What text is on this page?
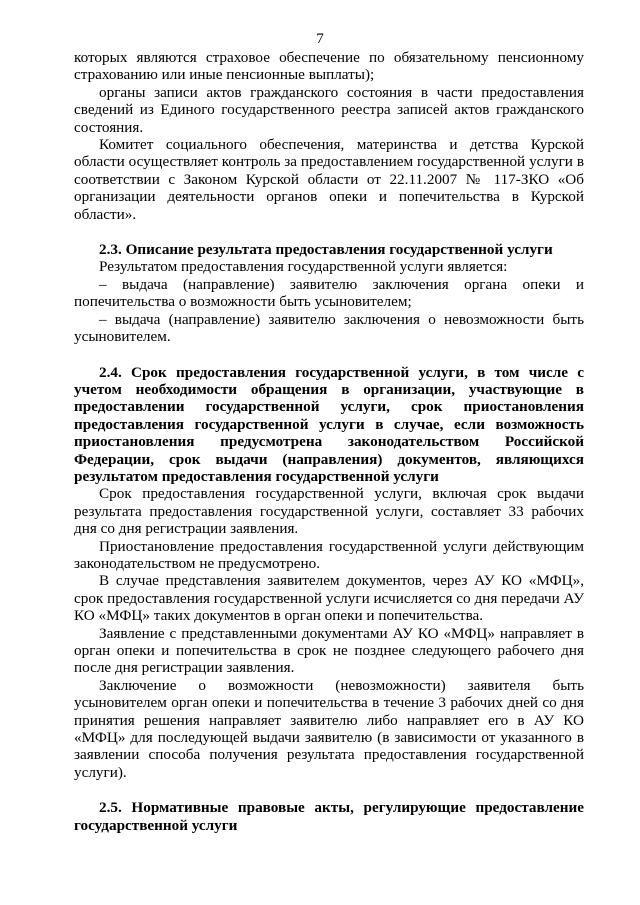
7

которых являются страховое обеспечение по обязательному пенсионному страхованию или иные пенсионные выплаты);

органы записи актов гражданского состояния в части предоставления сведений из Единого государственного реестра записей актов гражданского состояния.

Комитет социального обеспечения, материнства и детства Курской области осуществляет контроль за предоставлением государственной услуги в соответствии с Законом Курской области от 22.11.2007 № 117-ЗКО «Об организации деятельности органов опеки и попечительства в Курской области».

2.3. Описание результата предоставления государственной услуги

Результатом предоставления государственной услуги является:

– выдача (направление) заявителю заключения органа опеки и попечительства о возможности быть усыновителем;

– выдача (направление) заявителю заключения о невозможности быть усыновителем.

2.4. Срок предоставления государственной услуги, в том числе с учетом необходимости обращения в организации, участвующие в предоставлении государственной услуги, срок приостановления предоставления государственной услуги в случае, если возможность приостановления предусмотрена законодательством Российской Федерации, срок выдачи (направления) документов, являющихся результатом предоставления государственной услуги

Срок предоставления государственной услуги, включая срок выдачи результата предоставления государственной услуги, составляет 33 рабочих дня со дня регистрации заявления.

Приостановление предоставления государственной услуги действующим законодательством не предусмотрено.

В случае представления заявителем документов, через АУ КО «МФЦ», срок предоставления государственной услуги исчисляется со дня передачи АУ КО «МФЦ» таких документов в орган опеки и попечительства.

Заявление с представленными документами АУ КО «МФЦ» направляет в орган опеки и попечительства в срок не позднее следующего рабочего дня после дня регистрации заявления.

Заключение о возможности (невозможности) заявителя быть усыновителем орган опеки и попечительства в течение 3 рабочих дней со дня принятия решения направляет заявителю либо направляет его в АУ КО «МФЦ» для последующей выдачи заявителю (в зависимости от указанного в заявлении способа получения результата предоставления государственной услуги).

2.5. Нормативные правовые акты, регулирующие предоставление государственной услуги
